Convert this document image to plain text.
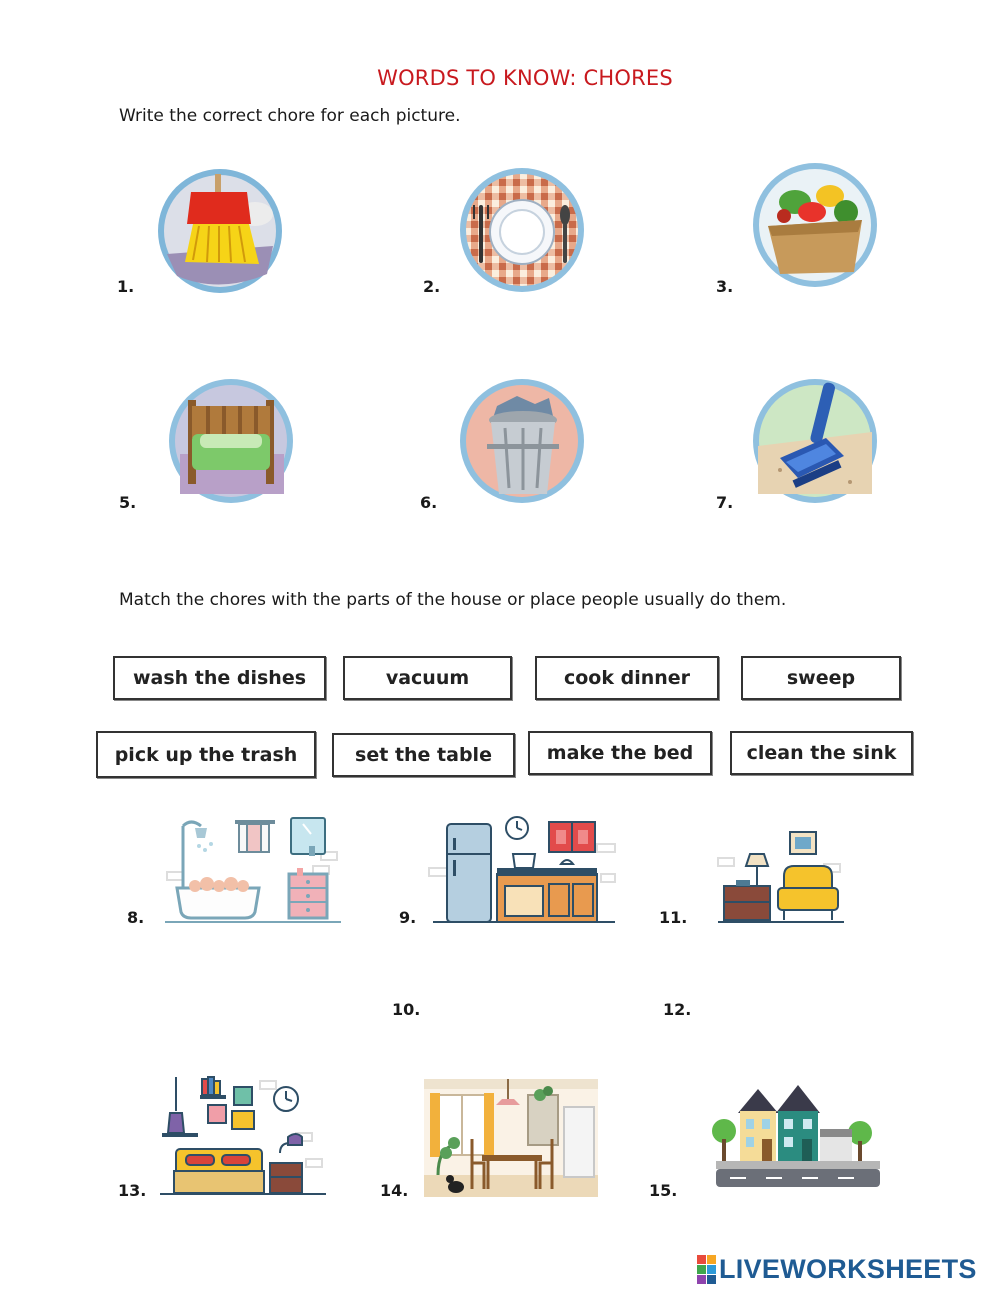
WORDS TO KNOW: CHORES
Write the correct chore for each picture.
1.	2.	3.
5.	6.	7.
Match the chores with the parts of the house or place people usually do them.
wash the dishes	vacuum	cook dinner	sweep
pick up the trash	set the table	make the bed	clean the sink
8.	9.	11.
10.	12.
13.	14.	15.
LIVEWORKSHEETS
